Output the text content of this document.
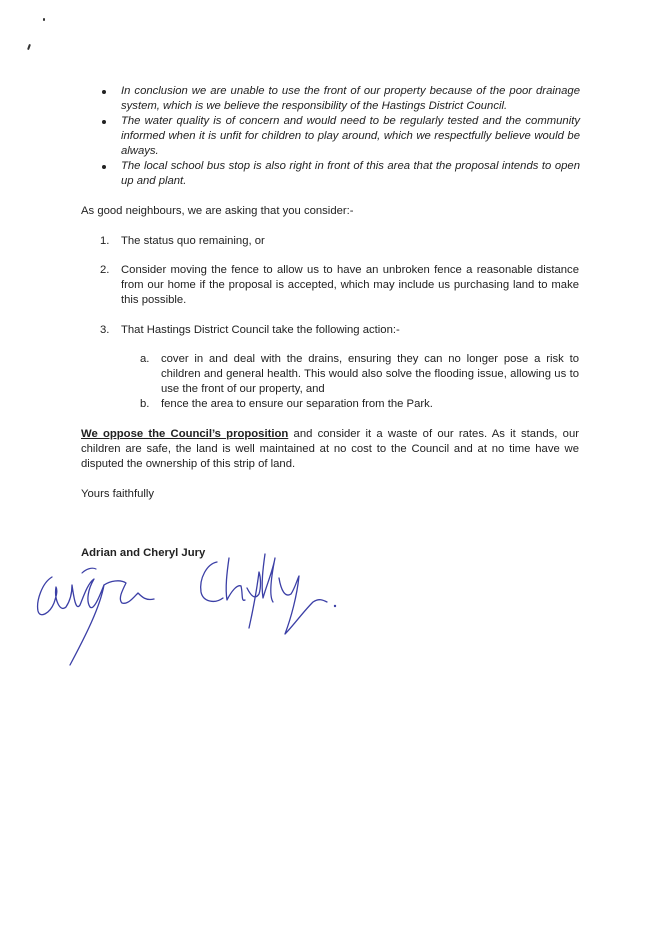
In conclusion we are unable to use the front of our property because of the poor drainage system, which is we believe the responsibility of the Hastings District Council.
The water quality is of concern and would need to be regularly tested and the community informed when it is unfit for children to play around, which we respectfully believe would be always.
The local school bus stop is also right in front of this area that the proposal intends to open up and plant.

As good neighbours, we are asking that you consider:-

1. The status quo remaining, or
2. Consider moving the fence to allow us to have an unbroken fence a reasonable distance from our home if the proposal is accepted, which may include us purchasing land to make this possible.
3. That Hastings District Council take the following action:-
a. cover in and deal with the drains, ensuring they can no longer pose a risk to children and general health. This would also solve the flooding issue, allowing us to use the front of our property, and
b. fence the area to ensure our separation from the Park.

We oppose the Council’s proposition and consider it a waste of our rates. As it stands, our children are safe, the land is well maintained at no cost to the Council and at no time have we disputed the ownership of this strip of land.

Yours faithfully

Adrian and Cheryl Jury
